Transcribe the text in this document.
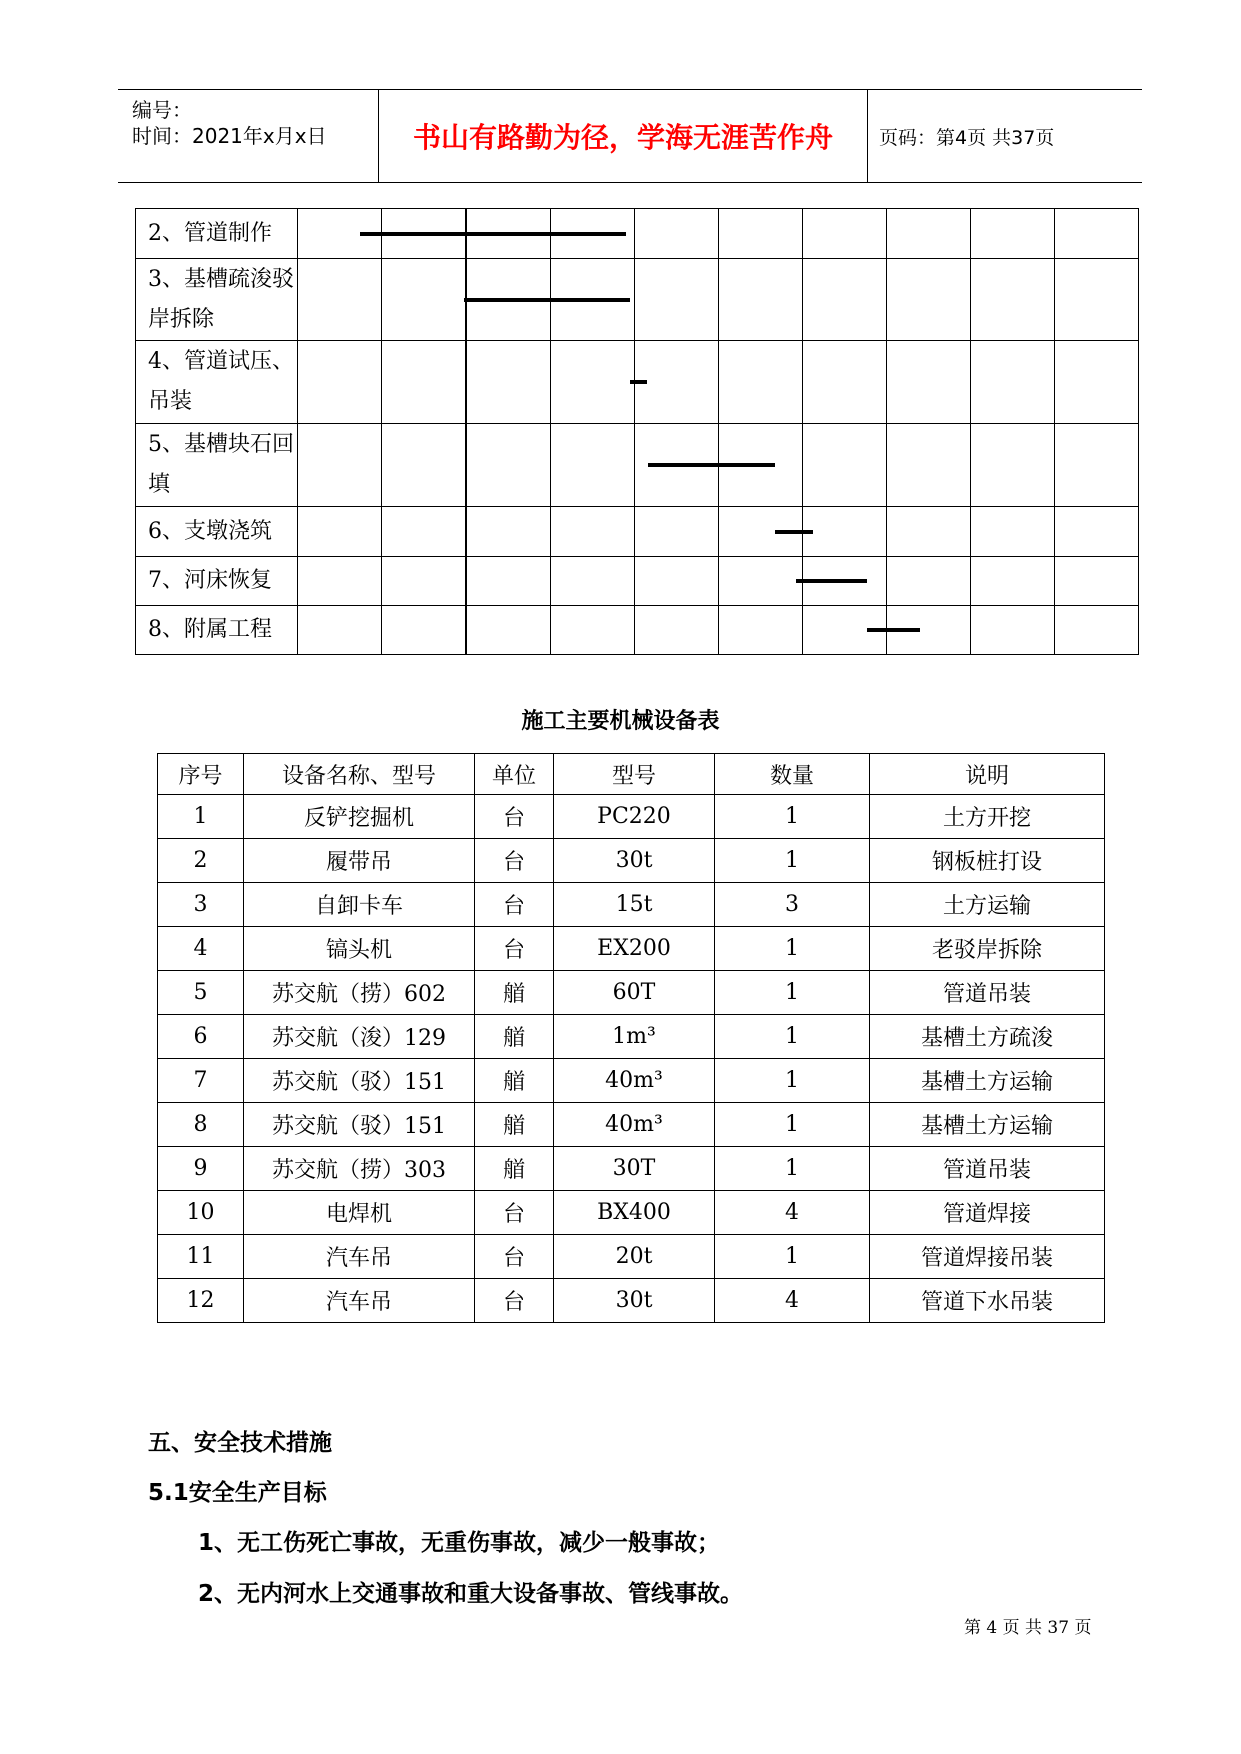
编号：
时间：2021年x月x日	书山有路勤为径，学海无涯苦作舟 页码：第4页 共37页
2、管道制作	

3、基槽疏浚驳岸拆除	

4、管道试压、吊装	

5、基槽块石回填	

6、支墩浇筑	

7、河床恢复	

8、附属工程	

施工主要机械设备表
序号	设备名称、型号	单位	型号	数量	说明
1	反铲挖掘机	台	PC220	1	土方开挖
2	履带吊	台	30t	1	钢板桩打设
3	自卸卡车	台	15t	3	土方运输
4	镐头机	台	EX200	1	老驳岸拆除
5	苏交航（捞）602	艏	60T	1	管道吊装
6	苏交航（浚）129	艏	1m³	1	基槽土方疏浚
7	苏交航（驳）151	艏	40m³	1	基槽土方运输
8	苏交航（驳）151	艏	40m³	1	基槽土方运输
9	苏交航（捞）303	艏	30T	1	管道吊装
10	电焊机	台	BX400	4	管道焊接
11	汽车吊	台	20t	1	管道焊接吊装
12	汽车吊	台	30t	4	管道下水吊装
五、安全技术措施
5.1安全生产目标
1、无工伤死亡事故，无重伤事故，减少一般事故；
2、无内河水上交通事故和重大设备事故、管线事故。
第 4 页 共 37 页
